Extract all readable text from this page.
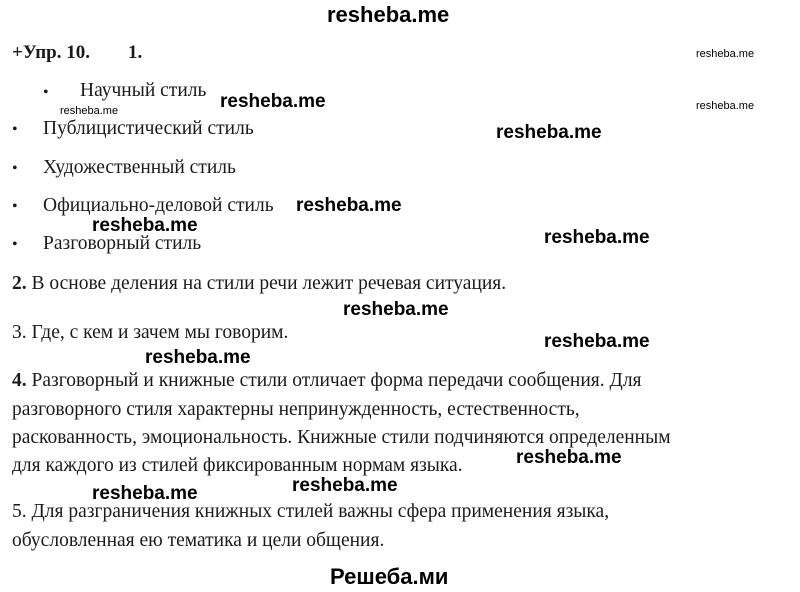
resheba.me
Решеба.ми
+Упр. 10. 1.
• Научный стиль
• Публицистический стиль
• Художественный стиль
• Официально-деловой стиль
• Разговорный стиль
2. В основе деления на стили речи лежит речевая ситуация.
3. Где, с кем и зачем мы говорим.
4. Разговорный и книжные стили отличает форма передачи сообщения. Для
разговорного стиля характерны непринужденность, естественность,
раскованность, эмоциональность. Книжные стили подчиняются определенным
для каждого из стилей фиксированным нормам языка.
5. Для разграничения книжных стилей важны сфера применения языка,
обусловленная ею тематика и цели общения.
resheba.me
resheba.me
resheba.me	resheba.me
resheba.me
resheba.me
resheba.me
resheba.me
resheba.me
resheba.me
resheba.me
resheba.me
resheba.me
resheba.me
